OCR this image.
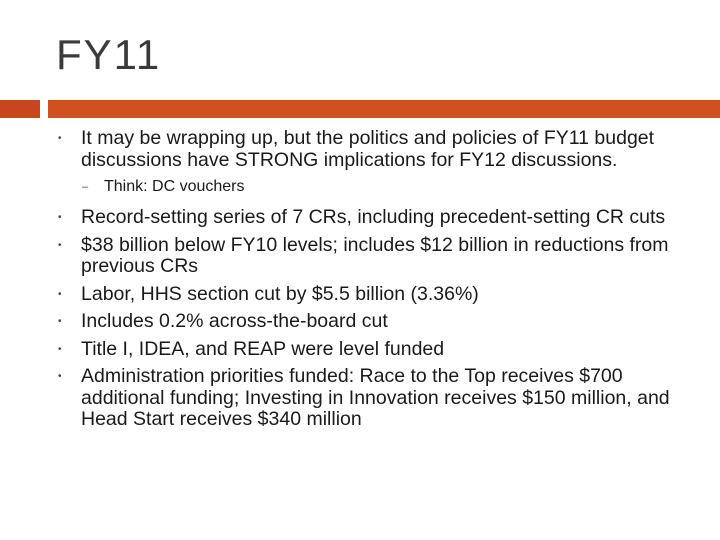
FY11
• It may be wrapping up, but the politics and policies of FY11 budget discussions have STRONG implications for FY12 discussions.
– Think: DC vouchers
• Record-setting series of 7 CRs, including precedent-setting CR cuts
• $38 billion below FY10 levels; includes $12 billion in reductions from previous CRs
• Labor, HHS section cut by $5.5 billion (3.36%)
• Includes 0.2% across-the-board cut
• Title I, IDEA, and REAP were level funded
• Administration priorities funded: Race to the Top receives $700 additional funding; Investing in Innovation receives $150 million, and Head Start receives $340 million
